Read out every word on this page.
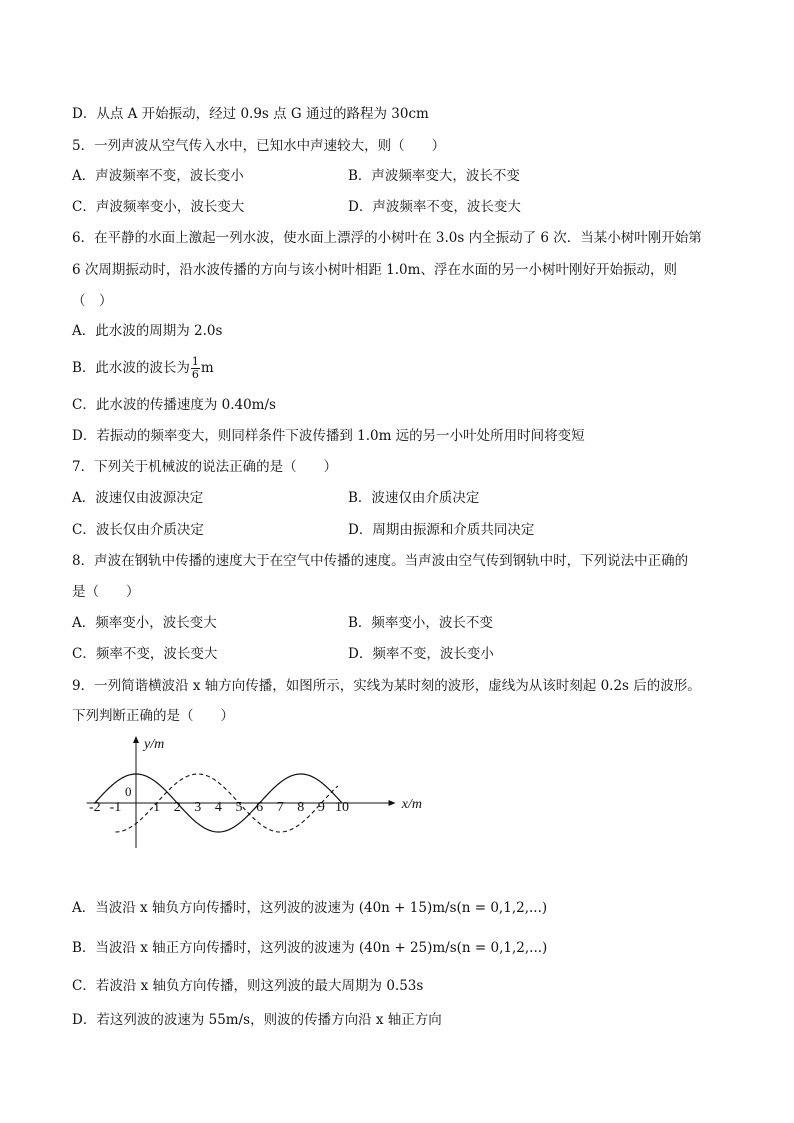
D．从点 A 开始振动，经过 0.9s 点 G 通过的路程为 30cm
5．一列声波从空气传入水中，已知水中声速较大，则（　　）
A．声波频率不变，波长变小	B．声波频率变大，波长不变
C．声波频率变小，波长变大	D．声波频率不变，波长变大
6．在平静的水面上激起一列水波，使水面上漂浮的小树叶在 3.0s 内全振动了 6 次．当某小树叶刚开始第
6 次周期振动时，沿水波传播的方向与该小树叶相距 1.0m、浮在水面的另一小树叶刚好开始振动，则
（　）
A．此水波的周期为 2.0s
B．此水波的波长为 $\frac{1}{6}$ m
C．此水波的传播速度为 0.40m/s
D．若振动的频率变大，则同样条件下波传播到 1.0m 远的另一小叶处所用时间将变短
7．下列关于机械波的说法正确的是（　　）
A．波速仅由波源决定	B．波速仅由介质决定
C．波长仅由介质决定	D．周期由振源和介质共同决定
8．声波在钢轨中传播的速度大于在空气中传播的速度。当声波由空气传到钢轨中时，下列说法中正确的
是（　　）
A．频率变小，波长变大	B．频率变小，波长不变
C．频率不变，波长变大	D．频率不变，波长变小
9．一列简谐横波沿 x 轴方向传播，如图所示，实线为某时刻的波形，虚线为从该时刻起 0.2s 后的波形。
下列判断正确的是（　　）
y/m
x/m
0
-2 -1 1 2 3 4 5 6 7 8 9 10
A．当波沿 x 轴负方向传播时，这列波的波速为 (40n + 15)m/s(n = 0,1,2,...)
B．当波沿 x 轴正方向传播时，这列波的波速为 (40n + 25)m/s(n = 0,1,2,...)
C．若波沿 x 轴负方向传播，则这列波的最大周期为 0.53s
D．若这列波的波速为 55m/s，则波的传播方向沿 x 轴正方向
